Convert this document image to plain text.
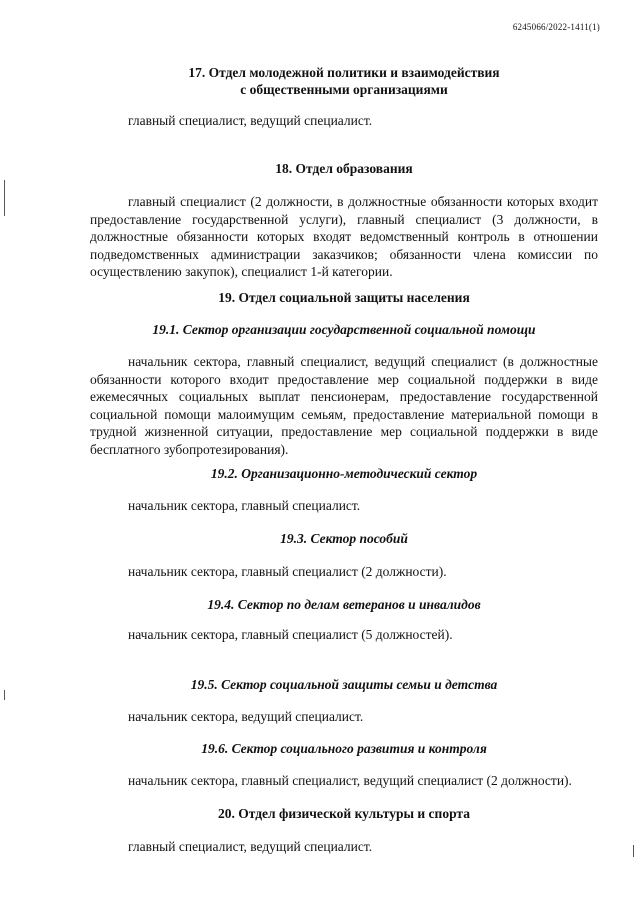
6245066/2022-1411(1)
17. Отдел молодежной политики и взаимодействия
с общественными организациями
главный специалист, ведущий специалист.
18. Отдел образования
главный специалист (2 должности, в должностные обязанности которых входит предоставление государственной услуги), главный специалист (3 должности, в должностные обязанности которых входят ведомственный контроль в отношении подведомственных администрации заказчиков; обязанности члена комиссии по осуществлению закупок), специалист 1-й категории.
19. Отдел социальной защиты населения
19.1. Сектор организации государственной социальной помощи
начальник сектора, главный специалист, ведущий специалист (в должностные обязанности которого входит предоставление мер социальной поддержки в виде ежемесячных социальных выплат пенсионерам, предоставление государственной социальной помощи малоимущим семьям, предоставление материальной помощи в трудной жизненной ситуации, предоставление мер социальной поддержки в виде бесплатного зубопротезирования).
19.2. Организационно-методический сектор
начальник сектора, главный специалист.
19.3. Сектор пособий
начальник сектора, главный специалист (2 должности).
19.4. Сектор по делам ветеранов и инвалидов
начальник сектора, главный специалист (5 должностей).
19.5. Сектор социальной защиты семьи и детства
начальник сектора, ведущий специалист.
19.6. Сектор социального развития и контроля
начальник сектора, главный специалист, ведущий специалист (2 должности).
20. Отдел физической культуры и спорта
главный специалист, ведущий специалист.
